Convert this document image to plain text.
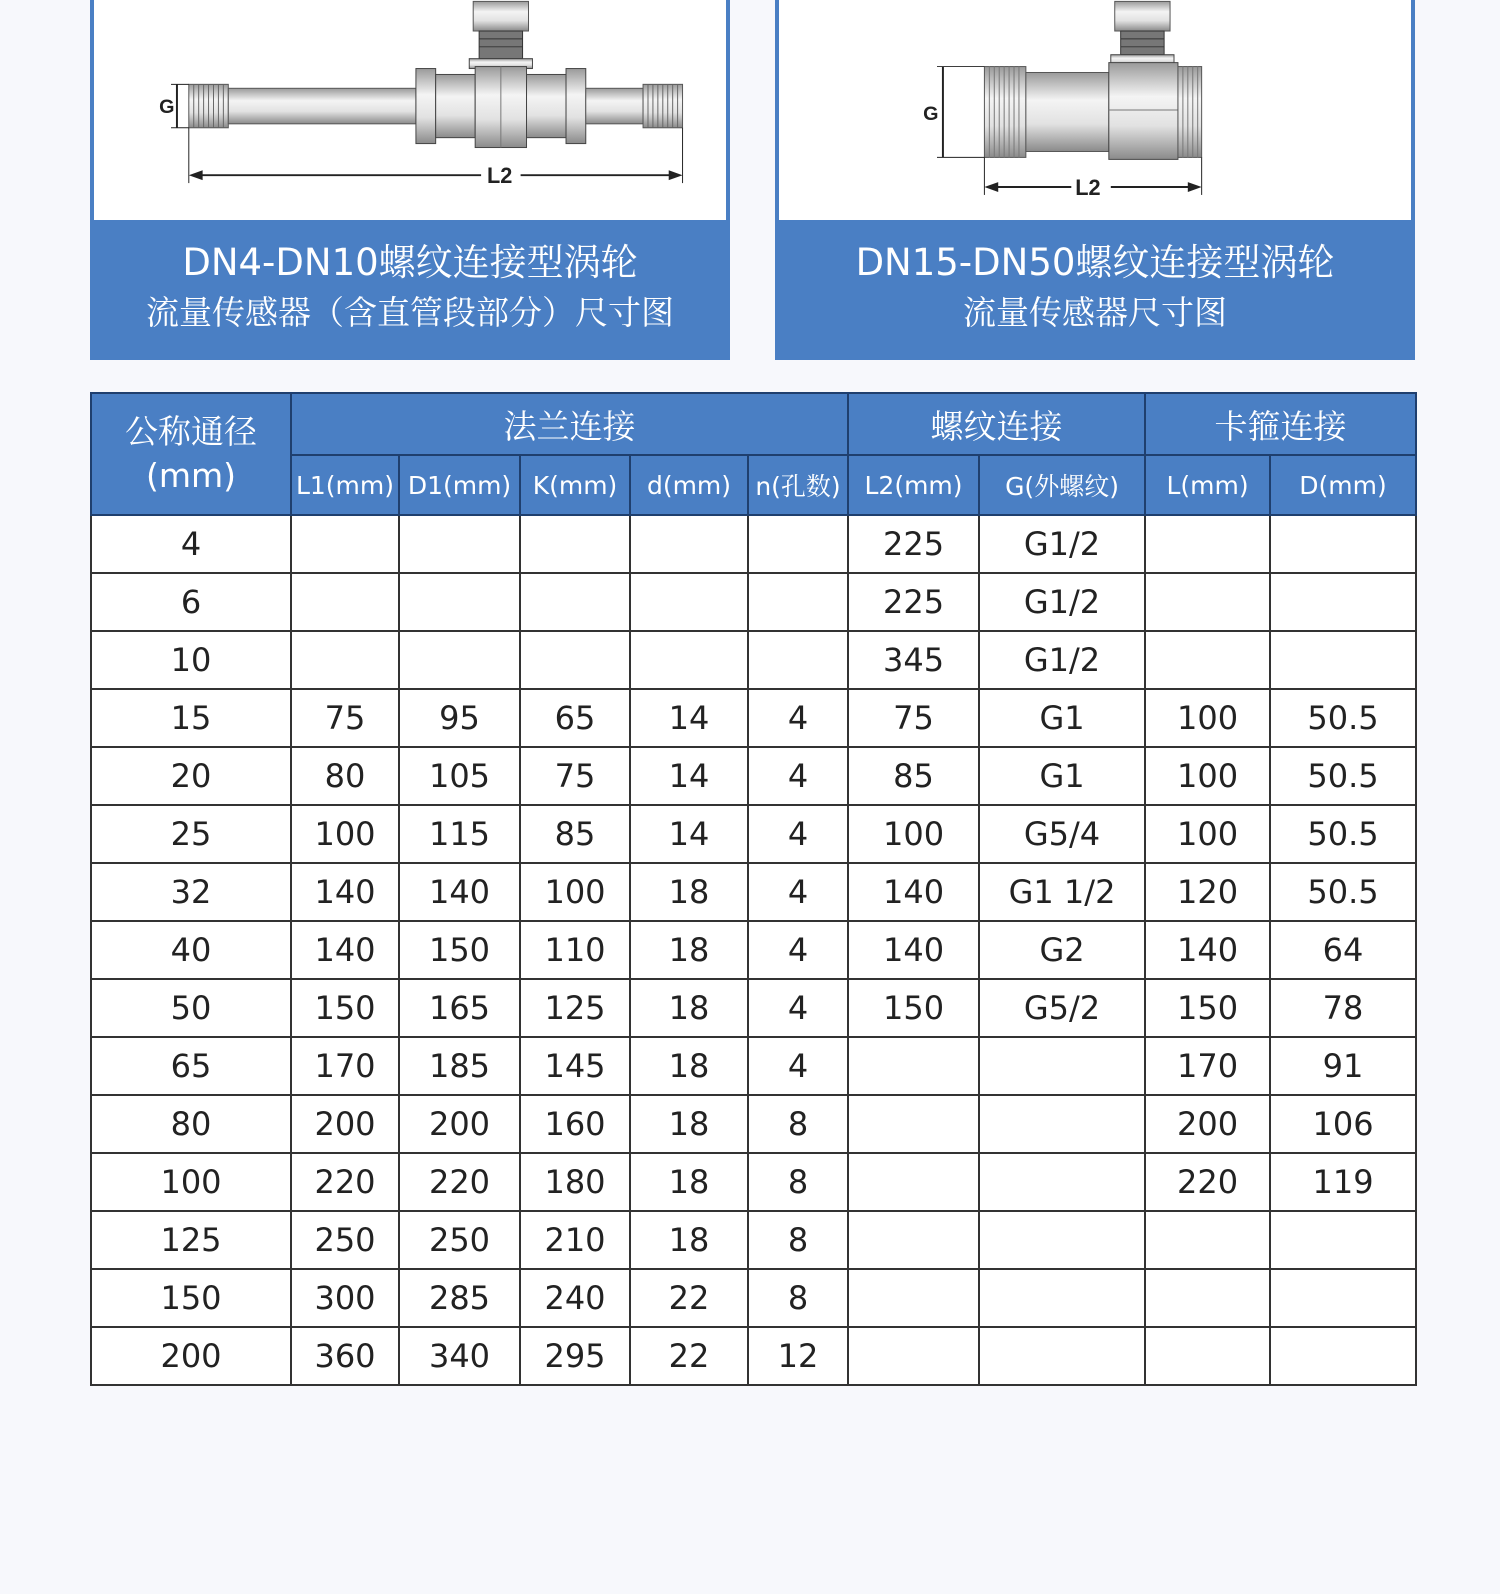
G
L2
DN4-DN10螺纹连接型涡轮
流量传感器（含直管段部分）尺寸图
G
L2
DN15-DN50螺纹连接型涡轮
流量传感器尺寸图
公称通径
(mm)	法兰连接					螺纹连接		卡箍连接	
	L1(mm)	D1(mm)	K(mm)	d(mm)	n(孔数)	L2(mm)	G(外螺纹)	L(mm)	D(mm)
4						225	G1/2		
6						225	G1/2		
10						345	G1/2		
15	75	95	65	14	4	75	G1	100	50.5
20	80	105	75	14	4	85	G1	100	50.5
25	100	115	85	14	4	100	G5/4	100	50.5
32	140	140	100	18	4	140	G1 1/2	120	50.5
40	140	150	110	18	4	140	G2	140	64
50	150	165	125	18	4	150	G5/2	150	78
65	170	185	145	18	4			170	91
80	200	200	160	18	8			200	106
100	220	220	180	18	8			220	119
125	250	250	210	18	8				
150	300	285	240	22	8				
200	360	340	295	22	12				
